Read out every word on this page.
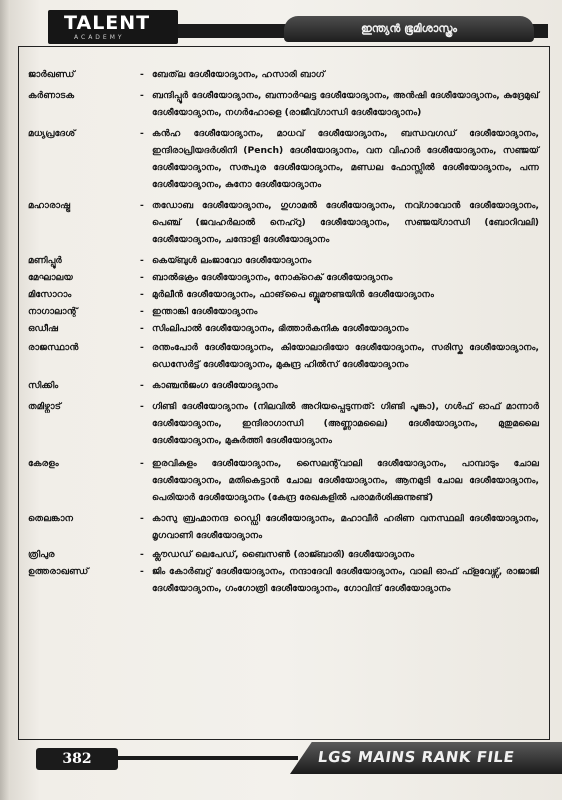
TALENT
ACADEMY
ഇന്ത്യൻ ഭൂമിശാസ്ത്രം
ജാർഖണ്ഡ്	- ബേത്‌ല ദേശീയോദ്യാനം, ഹസാരി ബാഗ്
കർണാടക	- ബന്ദിപ്പൂർ ദേശീയോദ്യാനം, ബന്നാർഘട്ട ദേശീയോദ്യാനം, അൻഷി ദേശീയോദ്യാനം, കുദ്രേമുഖ് ദേശീയോദ്യാനം, നഗർഹോളെ (രാജീവ്ഗാന്ധി ദേശീയോദ്യാനം)
മധ്യപ്രദേശ്	- കൻഹ ദേശീയോദ്യാനം, മാധവ് ദേശീയോദ്യാനം, ബന്ധവഗഡ് ദേശീയോദ്യാനം, ഇന്ദിരാപ്രിയദർശിനി (Pench) ദേശീയോദ്യാനം, വന വിഹാർ ദേശീയോദ്യാനം, സഞ്ജയ് ദേശീയോദ്യാനം, സത്പുര ദേശീയോദ്യാനം, മണ്ഡല ഫോസ്സിൽ ദേശീയോദ്യാനം, പന്ന ദേശീയോദ്യാനം, കുനോ ദേശീയോദ്യാനം
മഹാരാഷ്ട്ര	- തഡോബ ദേശീയോദ്യാനം, ഗുഗാമൽ ദേശീയോദ്യാനം, നവ്ഗാവോൻ ദേശീയോദ്യാനം, പെഞ്ച് (ജവഹർലാൽ നെഹ്റു) ദേശീയോദ്യാനം, സഞ്ജയ്ഗാന്ധി (ബോറിവലി) ദേശീയോദ്യാനം, ചന്ദോളി ദേശീയോദ്യാനം
മണിപ്പൂർ	- കെയ്ബുൾ ലംജാവോ ദേശീയോദ്യാനം
മേഘാലയ	- ബാൽഭക്രം ദേശീയോദ്യാനം, നോക്റെക് ദേശീയോദ്യാനം
മിസോറാം	- മുർലീൻ ദേശീയോദ്യാനം, ഫാങ്‌പൈ ബ്ലൂമൗണ്ടയിൻ ദേശീയോദ്യാനം
നാഗാലാന്റ്	- ഇന്താങ്കി ദേശീയോദ്യാനം
ഒഡീഷ	- സിംലിപാൽ ദേശീയോദ്യാനം, ഭിത്താർകനിക ദേശീയോദ്യാനം
രാജസ്ഥാൻ	- രന്തംപോർ ദേശീയോദ്യാനം, കിയോലാദിയോ ദേശീയോദ്യാനം, സരിസ്ക ദേശീയോദ്യാനം, ഡെസേർട്ട് ദേശീയോദ്യാനം, മുകുന്ദ്ര ഹിൽസ് ദേശീയോദ്യാനം
സിക്കിം	- കാഞ്ചൻജംഗ ദേശീയോദ്യാനം
തമിഴ്നാട്	- ഗിണ്ടി ദേശീയോദ്യാനം (നിലവിൽ അറിയപ്പെടുന്നത്: ഗിണ്ടി പൂങ്കാ), ഗൾഫ് ഓഫ് മാന്നാർ ദേശീയോദ്യാനം, ഇന്ദിരാഗാന്ധി (അണ്ണാമലൈ) ദേശീയോദ്യാനം, മുതുമലൈ ദേശീയോദ്യാനം, മുകുർത്തി ദേശീയോദ്യാനം
കേരളം	- ഇരവികുളം ദേശീയോദ്യാനം, സൈലന്റ്‌വാലി ദേശീയോദ്യാനം, പാമ്പാടും ചോല ദേശീയോദ്യാനം, മതികെട്ടാൻ ചോല ദേശീയോദ്യാനം, ആനമുടി ചോല ദേശീയോദ്യാനം, പെരിയാർ ദേശീയോദ്യാനം (കേന്ദ്ര രേഖകളിൽ പരാമർശിക്കുന്നുണ്ട്)
തെലങ്കാന	- കാസു ബ്രഹ്മാനന്ദ റെഡ്ഡി ദേശീയോദ്യാനം, മഹാവീർ ഹരിണ വനസ്ഥലി ദേശീയോദ്യാനം, മൃഗവാണി ദേശീയോദ്യാനം
ത്രിപുര	- ക്ലൗഡഡ് ലെപേഡ്, ബൈസൺ (രാജ്ബാരി) ദേശീയോദ്യാനം
ഉത്തരാഖണ്ഡ്	- ജിം കോർബറ്റ് ദേശീയോദ്യാനം, നന്ദാദേവി ദേശീയോദ്യാനം, വാലി ഓഫ് ഫ്ളവേഴ്സ്, രാജാജി ദേശീയോദ്യാനം, ഗംഗോത്രി ദേശീയോദ്യാനം, ഗോവിന്ദ് ദേശീയോദ്യാനം
382	LGS MAINS RANK FILE
